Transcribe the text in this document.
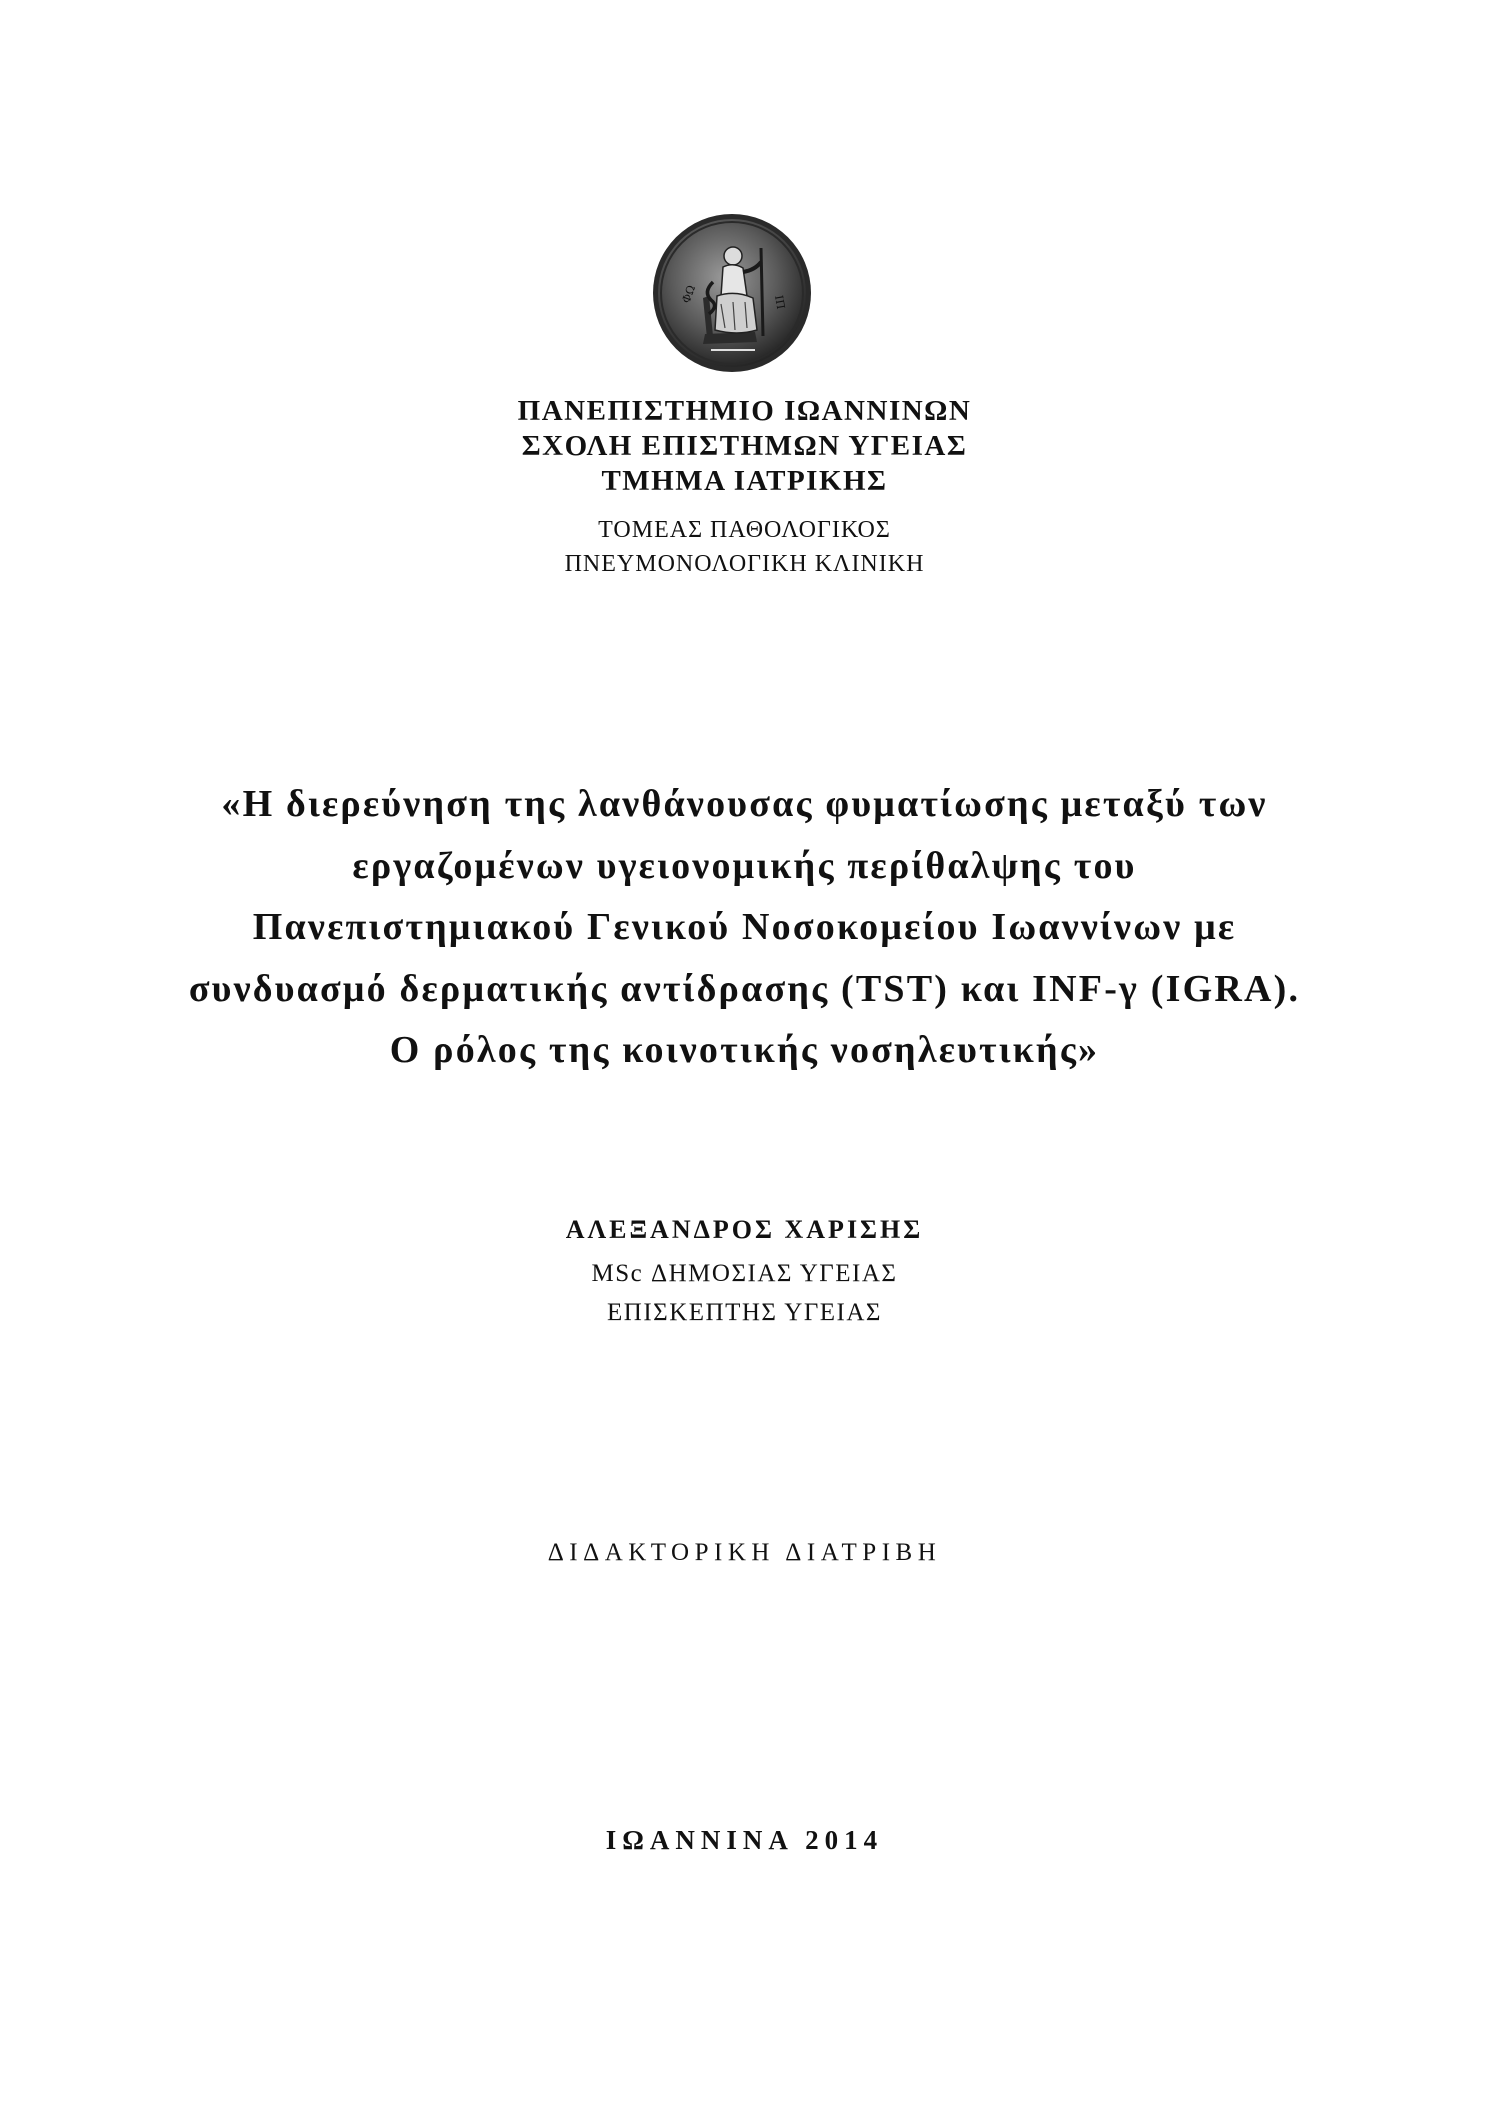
ΦΩ	ΙΠ
ΠΑΝΕΠΙΣΤΗΜΙΟ ΙΩΑΝΝΙΝΩΝ
ΣΧΟΛΗ ΕΠΙΣΤΗΜΩΝ ΥΓΕΙΑΣ
ΤΜΗΜΑ ΙΑΤΡΙΚΗΣ
ΤΟΜΕΑΣ ΠΑΘΟΛΟΓΙΚΟΣ
ΠΝΕΥΜΟΝΟΛΟΓΙΚΗ ΚΛΙΝΙΚΗ
«Η διερεύνηση της λανθάνουσας φυματίωσης μεταξύ των
εργαζομένων υγειονομικής περίθαλψης του
Πανεπιστημιακού Γενικού Νοσοκομείου Ιωαννίνων με
συνδυασμό δερματικής αντίδρασης (TST) και INF-γ (IGRA).
Ο ρόλος της κοινοτικής νοσηλευτικής»
ΑΛΕΞΑΝΔΡΟΣ ΧΑΡΙΣΗΣ
MSc ΔΗΜΟΣΙΑΣ ΥΓΕΙΑΣ
ΕΠΙΣΚΕΠΤΗΣ ΥΓΕΙΑΣ
ΔΙΔΑΚΤΟΡΙΚΗ ΔΙΑΤΡΙΒΗ
ΙΩΑΝΝΙΝΑ 2014
